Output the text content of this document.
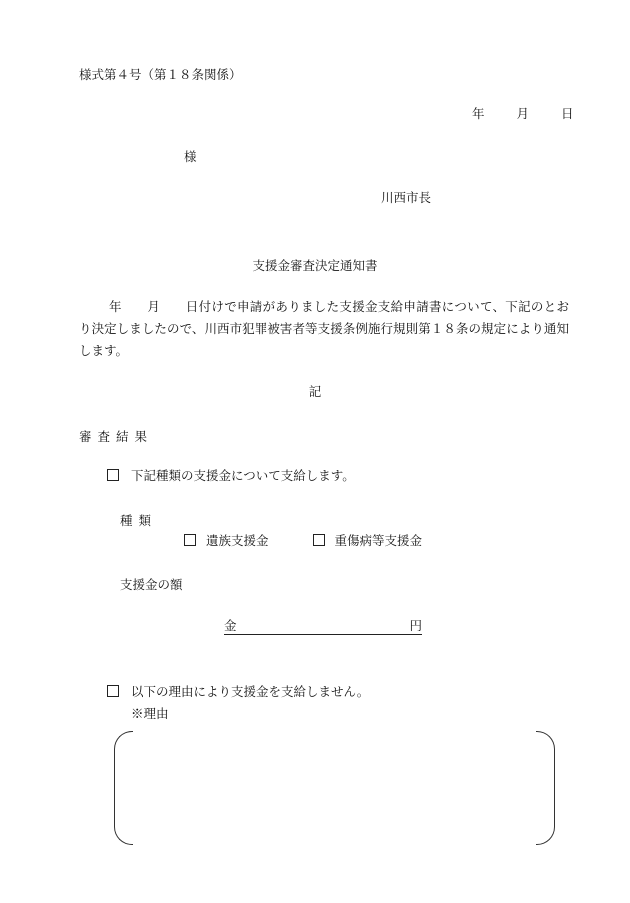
様式第４号（第１８条関係）
年	月	日
様
川西市長
支援金審査決定通知書
年　　月　　日付けで申請がありました支援金支給申請書について、下記のとおり決定しましたので、川西市犯罪被害者等支援条例施行規則第１８条の規定により通知します。
記
審査結果
下記種類の支援金について支給します。
種類
遺族支援金	重傷病等支援金
支援金の額
金	円
以下の理由により支援金を支給しません。
※理由
